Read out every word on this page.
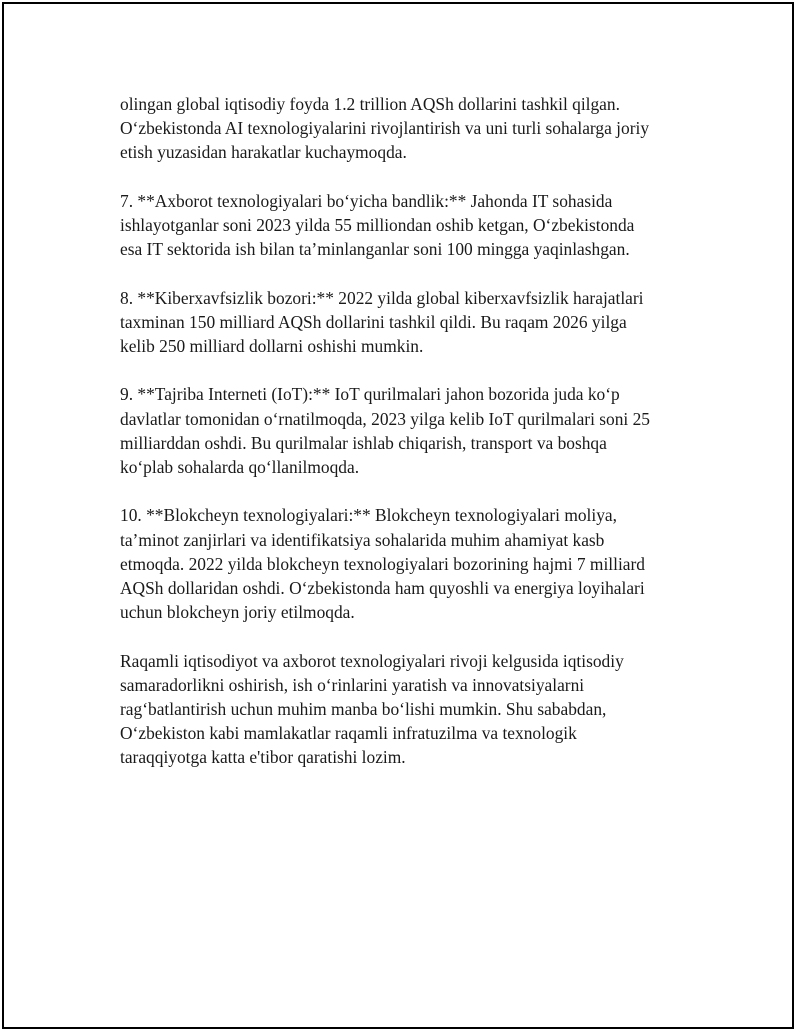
olingan global iqtisodiy foyda 1.2 trillion AQSh dollarini tashkil qilgan.
O‘zbekistonda AI texnologiyalarini rivojlantirish va uni turli sohalarga joriy
etish yuzasidan harakatlar kuchaymoqda.

7. **Axborot texnologiyalari bo‘yicha bandlik:** Jahonda IT sohasida
ishlayotganlar soni 2023 yilda 55 milliondan oshib ketgan, O‘zbekistonda
esa IT sektorida ish bilan ta’minlanganlar soni 100 mingga yaqinlashgan.

8. **Kiberxavfsizlik bozori:** 2022 yilda global kiberxavfsizlik harajatlari
taxminan 150 milliard AQSh dollarini tashkil qildi. Bu raqam 2026 yilga
kelib 250 milliard dollarni oshishi mumkin.

9. **Tajriba Interneti (IoT):** IoT qurilmalari jahon bozorida juda ko‘p
davlatlar tomonidan o‘rnatilmoqda, 2023 yilga kelib IoT qurilmalari soni 25
milliarddan oshdi. Bu qurilmalar ishlab chiqarish, transport va boshqa
ko‘plab sohalarda qo‘llanilmoqda.

10. **Blokcheyn texnologiyalari:** Blokcheyn texnologiyalari moliya,
ta’minot zanjirlari va identifikatsiya sohalarida muhim ahamiyat kasb
etmoqda. 2022 yilda blokcheyn texnologiyalari bozorining hajmi 7 milliard
AQSh dollaridan oshdi. O‘zbekistonda ham quyoshli va energiya loyihalari
uchun blokcheyn joriy etilmoqda.

Raqamli iqtisodiyot va axborot texnologiyalari rivoji kelgusida iqtisodiy
samaradorlikni oshirish, ish o‘rinlarini yaratish va innovatsiyalarni
rag‘batlantirish uchun muhim manba bo‘lishi mumkin. Shu sababdan,
O‘zbekiston kabi mamlakatlar raqamli infratuzilma va texnologik
taraqqiyotga katta e'tibor qaratishi lozim.
